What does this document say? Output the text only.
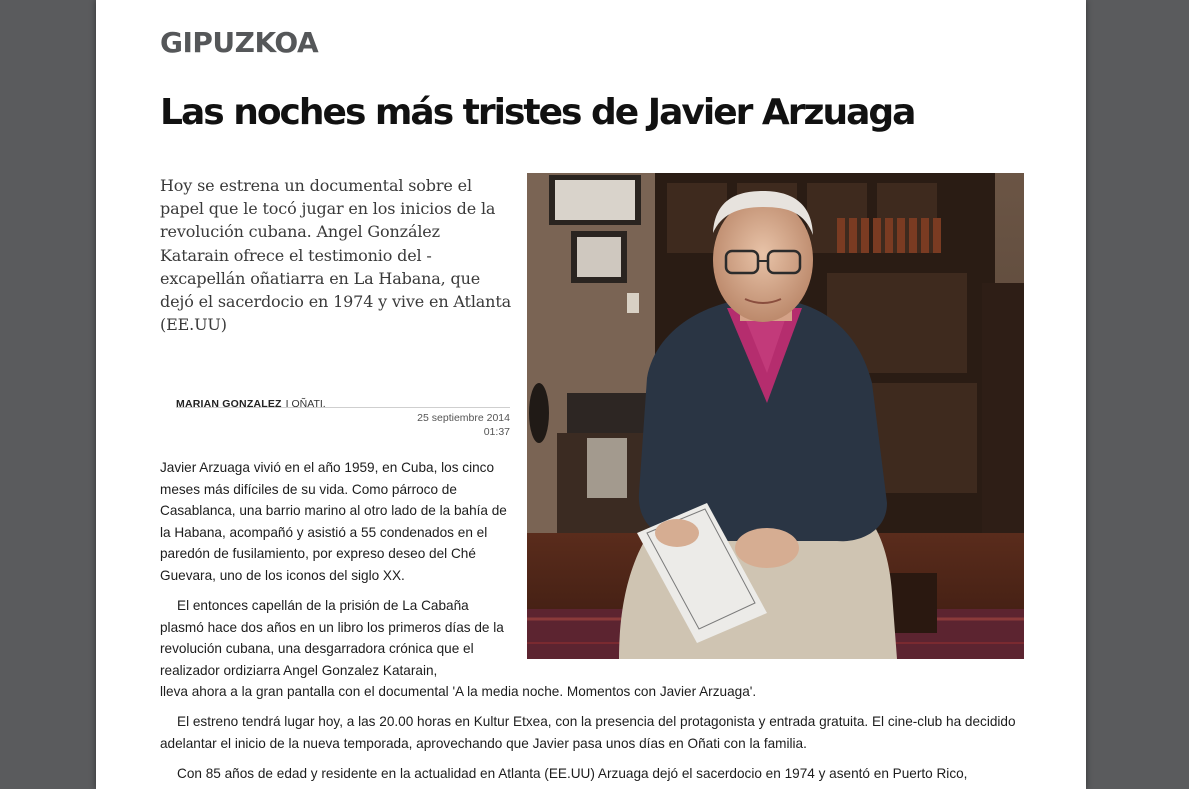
GIPUZKOA
Las noches más tristes de Javier Arzuaga
Hoy se estrena un documental sobre el papel que le tocó jugar en los inicios de la revolución cubana. Angel González Katarain ofrece el testimonio del -excapellán oñatiarra en La Habana, que dejó el sacerdocio en 1974 y vive en Atlanta (EE.UU)
MARIAN GONZALEZ I OÑATI.
25 septiembre 2014
01:37

Javier Arzuaga vivió en el año 1959, en Cuba, los cinco meses más difíciles de su vida. Como párroco de Casablanca, una barrio marino al otro lado de la bahía de la Habana, acompañó y asistió a 55 condenados en el paredón de fusilamiento, por expreso deseo del Ché Guevara, uno de los iconos del siglo XX.

El entonces capellán de la prisión de La Cabaña plasmó hace dos años en un libro los primeros días de la revolución cubana, una desgarradora crónica que el realizador ordiziarra Angel Gonzalez Katarain,

lleva ahora a la gran pantalla con el documental 'A la media noche. Momentos con Javier Arzuaga'.

El estreno tendrá lugar hoy, a las 20.00 horas en Kultur Etxea, con la presencia del protagonista y entrada gratuita. El cine-club ha decidido adelantar el inicio de la nueva temporada, aprovechando que Javier pasa unos días en Oñati con la familia.

Con 85 años de edad y residente en la actualidad en Atlanta (EE.UU) Arzuaga dejó el sacerdocio en 1974 y asentó en Puerto Rico,
